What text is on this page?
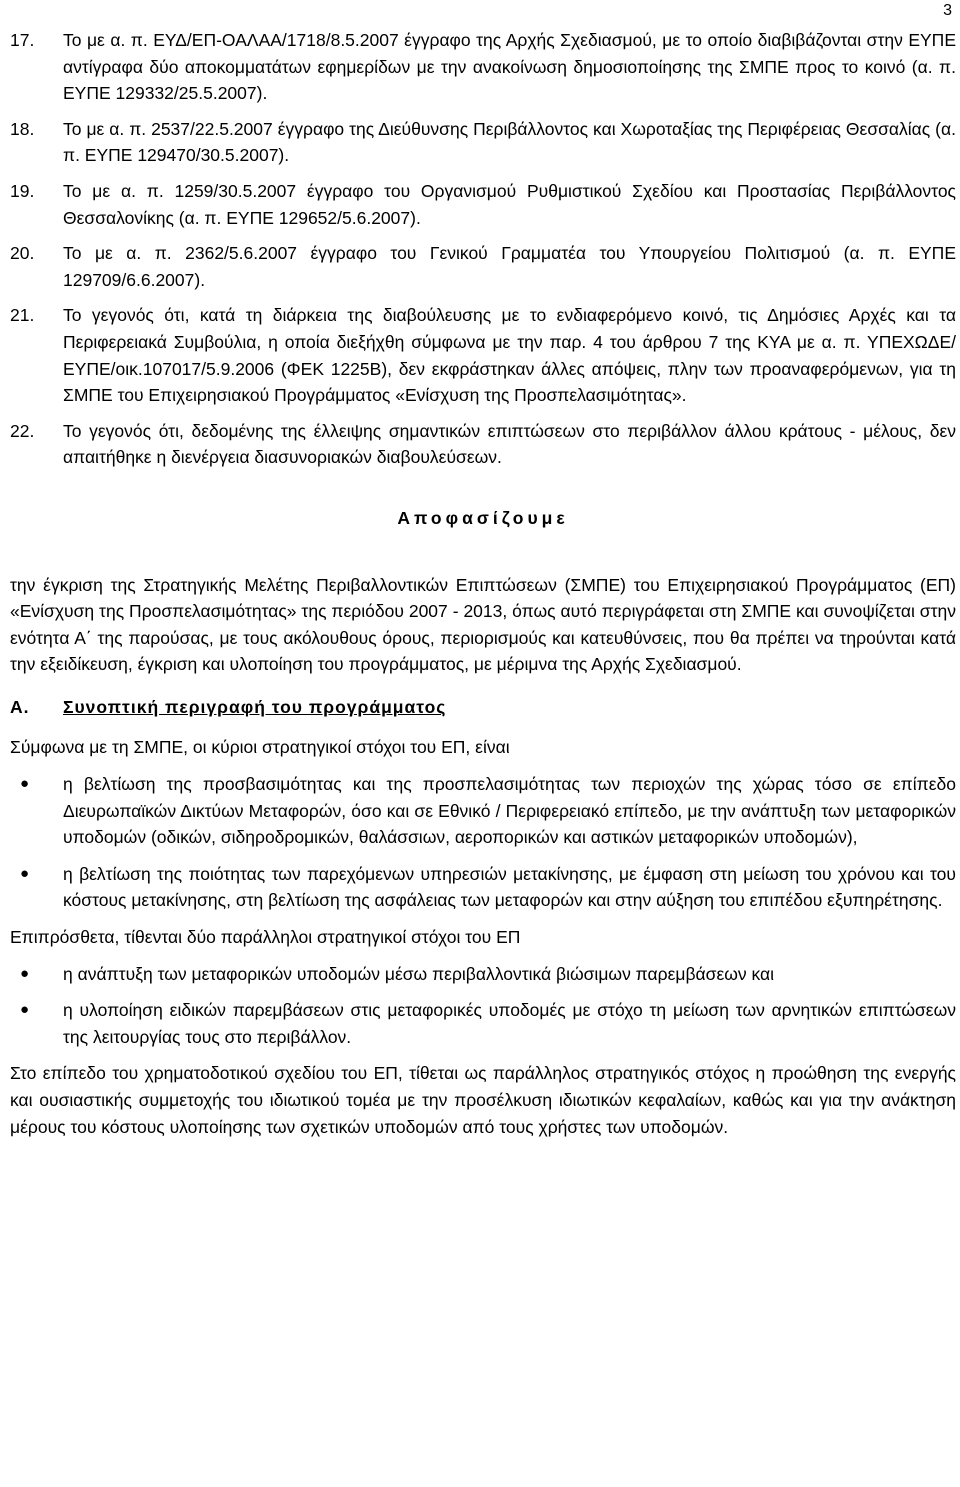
3
17.	Το με α. π. ΕΥΔ/ΕΠ-ΟΑΛΑΑ/1718/8.5.2007 έγγραφο της Αρχής Σχεδιασμού, με το οποίο διαβιβάζονται στην ΕΥΠΕ αντίγραφα δύο αποκομματάτων εφημερίδων με την ανακοίνωση δημοσιοποίησης της ΣΜΠΕ προς το κοινό (α. π. ΕΥΠΕ 129332/25.5.2007).
18.	Το με α. π. 2537/22.5.2007 έγγραφο της Διεύθυνσης Περιβάλλοντος και Χωροταξίας της Περιφέρειας Θεσσαλίας (α. π. ΕΥΠΕ 129470/30.5.2007).
19.	Το με α. π. 1259/30.5.2007 έγγραφο του Οργανισμού Ρυθμιστικού Σχεδίου και Προστασίας Περιβάλλοντος Θεσσαλονίκης (α. π. ΕΥΠΕ 129652/5.6.2007).
20.	Το με α. π. 2362/5.6.2007 έγγραφο του Γενικού Γραμματέα του Υπουργείου Πολιτισμού (α. π. ΕΥΠΕ 129709/6.6.2007).
21.	Το γεγονός ότι, κατά τη διάρκεια της διαβούλευσης με το ενδιαφερόμενο κοινό, τις Δημόσιες Αρχές και τα Περιφερειακά Συμβούλια, η οποία διεξήχθη σύμφωνα με την παρ. 4 του άρθρου 7 της ΚΥΑ με α. π. ΥΠΕΧΩΔΕ/ΕΥΠΕ/οικ.107017/5.9.2006 (ΦΕΚ 1225Β), δεν εκφράστηκαν άλλες απόψεις, πλην των προαναφερόμενων, για τη ΣΜΠΕ του Επιχειρησιακού Προγράμματος «Ενίσχυση της Προσπελασιμότητας».
22.	Το γεγονός ότι, δεδομένης της έλλειψης σημαντικών επιπτώσεων στο περιβάλλον άλλου κράτους - μέλους, δεν απαιτήθηκε η διενέργεια διασυνοριακών διαβουλεύσεων.
Αποφασίζουμε
την έγκριση της Στρατηγικής Μελέτης Περιβαλλοντικών Επιπτώσεων (ΣΜΠΕ) του Επιχειρησιακού Προγράμματος (ΕΠ) «Ενίσχυση της Προσπελασιμότητας» της περιόδου 2007 - 2013, όπως αυτό περιγράφεται στη ΣΜΠΕ και συνοψίζεται στην ενότητα Α΄ της παρούσας, με τους ακόλουθους όρους, περιορισμούς και κατευθύνσεις, που θα πρέπει να τηρούνται κατά την εξειδίκευση, έγκριση και υλοποίηση του προγράμματος, με μέριμνα της Αρχής Σχεδιασμού.
Α.	Συνοπτική περιγραφή του προγράμματος
Σύμφωνα με τη ΣΜΠΕ, οι κύριοι στρατηγικοί στόχοι του ΕΠ, είναι
●	η βελτίωση της προσβασιμότητας και της προσπελασιμότητας των περιοχών της χώρας τόσο σε επίπεδο Διευρωπαϊκών Δικτύων Μεταφορών, όσο και σε Εθνικό / Περιφερειακό επίπεδο, με την ανάπτυξη των μεταφορικών υποδομών (οδικών, σιδηροδρομικών, θαλάσσιων, αεροπορικών και αστικών μεταφορικών υποδομών),
●	η βελτίωση της ποιότητας των παρεχόμενων υπηρεσιών μετακίνησης, με έμφαση στη μείωση του χρόνου και του κόστους μετακίνησης, στη βελτίωση της ασφάλειας των μεταφορών και στην αύξηση του επιπέδου εξυπηρέτησης.
Επιπρόσθετα, τίθενται δύο παράλληλοι στρατηγικοί στόχοι του ΕΠ
●	η ανάπτυξη των μεταφορικών υποδομών μέσω περιβαλλοντικά βιώσιμων παρεμβάσεων και
●	η υλοποίηση ειδικών παρεμβάσεων στις μεταφορικές υποδομές με στόχο τη μείωση των αρνητικών επιπτώσεων της λειτουργίας τους στο περιβάλλον.
Στο επίπεδο του χρηματοδοτικού σχεδίου του ΕΠ, τίθεται ως παράλληλος στρατηγικός στόχος η προώθηση της ενεργής και ουσιαστικής συμμετοχής του ιδιωτικού τομέα με την προσέλκυση ιδιωτικών κεφαλαίων, καθώς και για την ανάκτηση μέρους του κόστους υλοποίησης των σχετικών υποδομών από τους χρήστες των υποδομών.
